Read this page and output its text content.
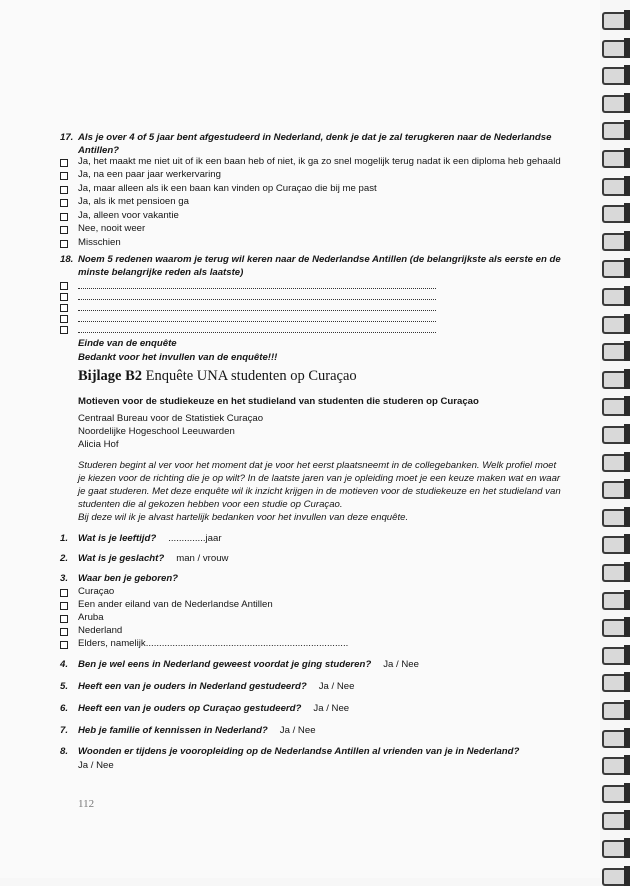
17. Als je over 4 of 5 jaar bent afgestudeerd in Nederland, denk je dat je zal terugkeren naar de Nederlandse
Antillen?
Ja, het maakt me niet uit of ik een baan heb of niet, ik ga zo snel mogelijk terug nadat ik een diploma heb gehaald
Ja, na een paar jaar werkervaring
Ja, maar alleen als ik een baan kan vinden op Curaçao die bij me past
Ja, als ik met pensioen ga
Ja, alleen voor vakantie
Nee, nooit weer
Misschien
18. Noem 5 redenen waarom je terug wil keren naar de Nederlandse Antillen (de belangrijkste als eerste en de
minste belangrijke reden als laatste)
Einde van de enquête
Bedankt voor het invullen van de enquête!!!
Bijlage B2 Enquête UNA studenten op Curaçao
Motieven voor de studiekeuze en het studieland van studenten die studeren op Curaçao
Centraal Bureau voor de Statistiek Curaçao
Noordelijke Hogeschool Leeuwarden
Alicia Hof
Studeren begint al ver voor het moment dat je voor het eerst plaatsneemt in de collegebanken. Welk profiel moet
je kiezen voor de richting die je op wilt? In de laatste jaren van je opleiding moet je een keuze maken wat en waar
je gaat studeren. Met deze enquête wil ik inzicht krijgen in de motieven voor de studiekeuze en het studieland van
studenten die al gekozen hebben voor een studie op Curaçao.
Bij deze wil ik je alvast hartelijk bedanken voor het invullen van deze enquête.
1. Wat is je leeftijd? ..............jaar
2. Wat is je geslacht? man / vrouw
3. Waar ben je geboren?
Curaçao
Een ander eiland van de Nederlandse Antillen
Aruba
Nederland
Elders, namelijk............................................................................
4. Ben je wel eens in Nederland geweest voordat je ging studeren? Ja / Nee
5. Heeft een van je ouders in Nederland gestudeerd? Ja / Nee
6. Heeft een van je ouders op Curaçao gestudeerd? Ja / Nee
7. Heb je familie of kennissen in Nederland? Ja / Nee
8. Woonden er tijdens je vooropleiding op de Nederlandse Antillen al vrienden van je in Nederland?
Ja / Nee
112
